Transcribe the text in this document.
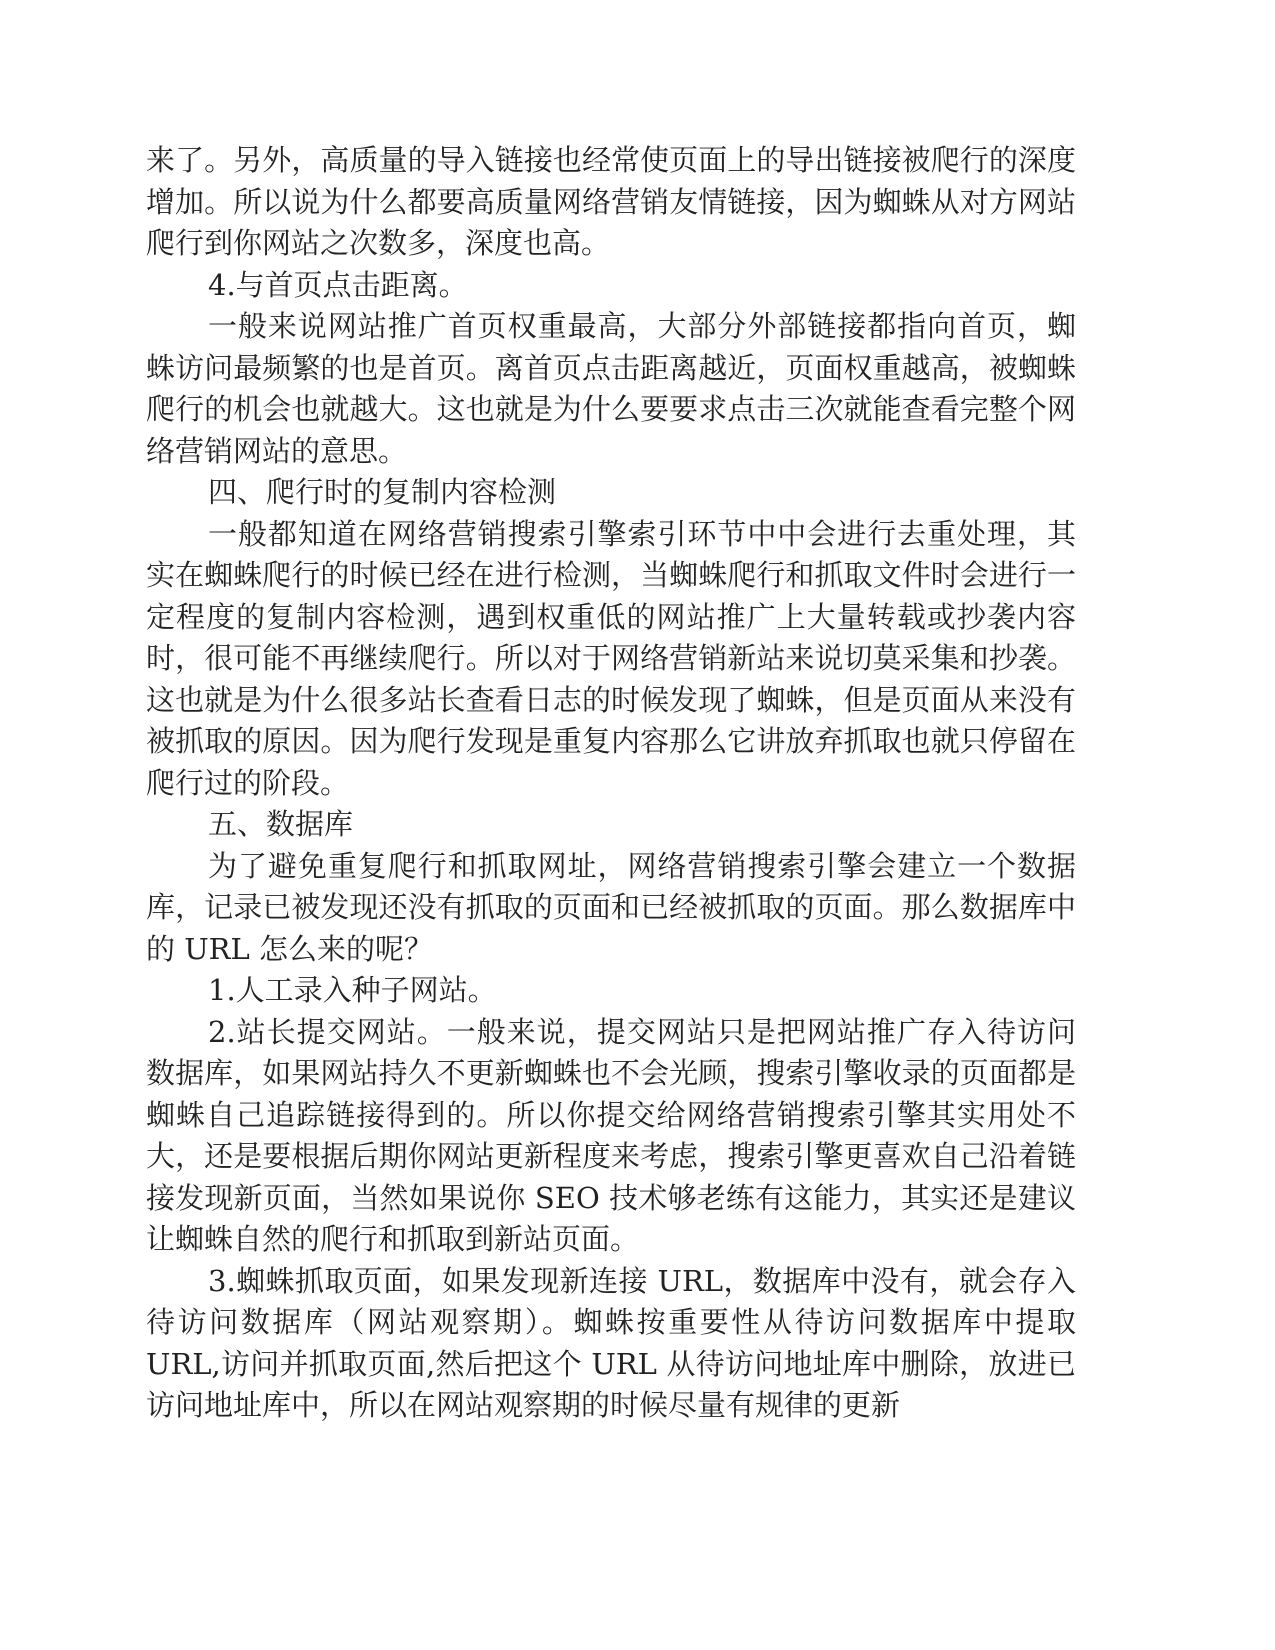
来了。另外，高质量的导入链接也经常使页面上的导出链接被爬行的深度增加。所以说为什么都要高质量网络营销友情链接，因为蜘蛛从对方网站爬行到你网站之次数多，深度也高。

4.与首页点击距离。

一般来说网站推广首页权重最高，大部分外部链接都指向首页，蜘蛛访问最频繁的也是首页。离首页点击距离越近，页面权重越高，被蜘蛛爬行的机会也就越大。这也就是为什么要要求点击三次就能查看完整个网络营销网站的意思。

四、爬行时的复制内容检测

一般都知道在网络营销搜索引擎索引环节中中会进行去重处理，其实在蜘蛛爬行的时候已经在进行检测，当蜘蛛爬行和抓取文件时会进行一定程度的复制内容检测，遇到权重低的网站推广上大量转载或抄袭内容时，很可能不再继续爬行。所以对于网络营销新站来说切莫采集和抄袭。这也就是为什么很多站长查看日志的时候发现了蜘蛛，但是页面从来没有被抓取的原因。因为爬行发现是重复内容那么它讲放弃抓取也就只停留在爬行过的阶段。

五、数据库

为了避免重复爬行和抓取网址，网络营销搜索引擎会建立一个数据库，记录已被发现还没有抓取的页面和已经被抓取的页面。那么数据库中的 URL 怎么来的呢？

1.人工录入种子网站。

2.站长提交网站。一般来说，提交网站只是把网站推广存入待访问数据库，如果网站持久不更新蜘蛛也不会光顾，搜索引擎收录的页面都是蜘蛛自己追踪链接得到的。所以你提交给网络营销搜索引擎其实用处不大，还是要根据后期你网站更新程度来考虑，搜索引擎更喜欢自己沿着链接发现新页面，当然如果说你 SEO 技术够老练有这能力，其实还是建议让蜘蛛自然的爬行和抓取到新站页面。

3.蜘蛛抓取页面，如果发现新连接 URL，数据库中没有，就会存入待访问数据库（网站观察期）。蜘蛛按重要性从待访问数据库中提取 URL,访问并抓取页面,然后把这个 URL 从待访问地址库中删除，放进已访问地址库中，所以在网站观察期的时候尽量有规律的更新
